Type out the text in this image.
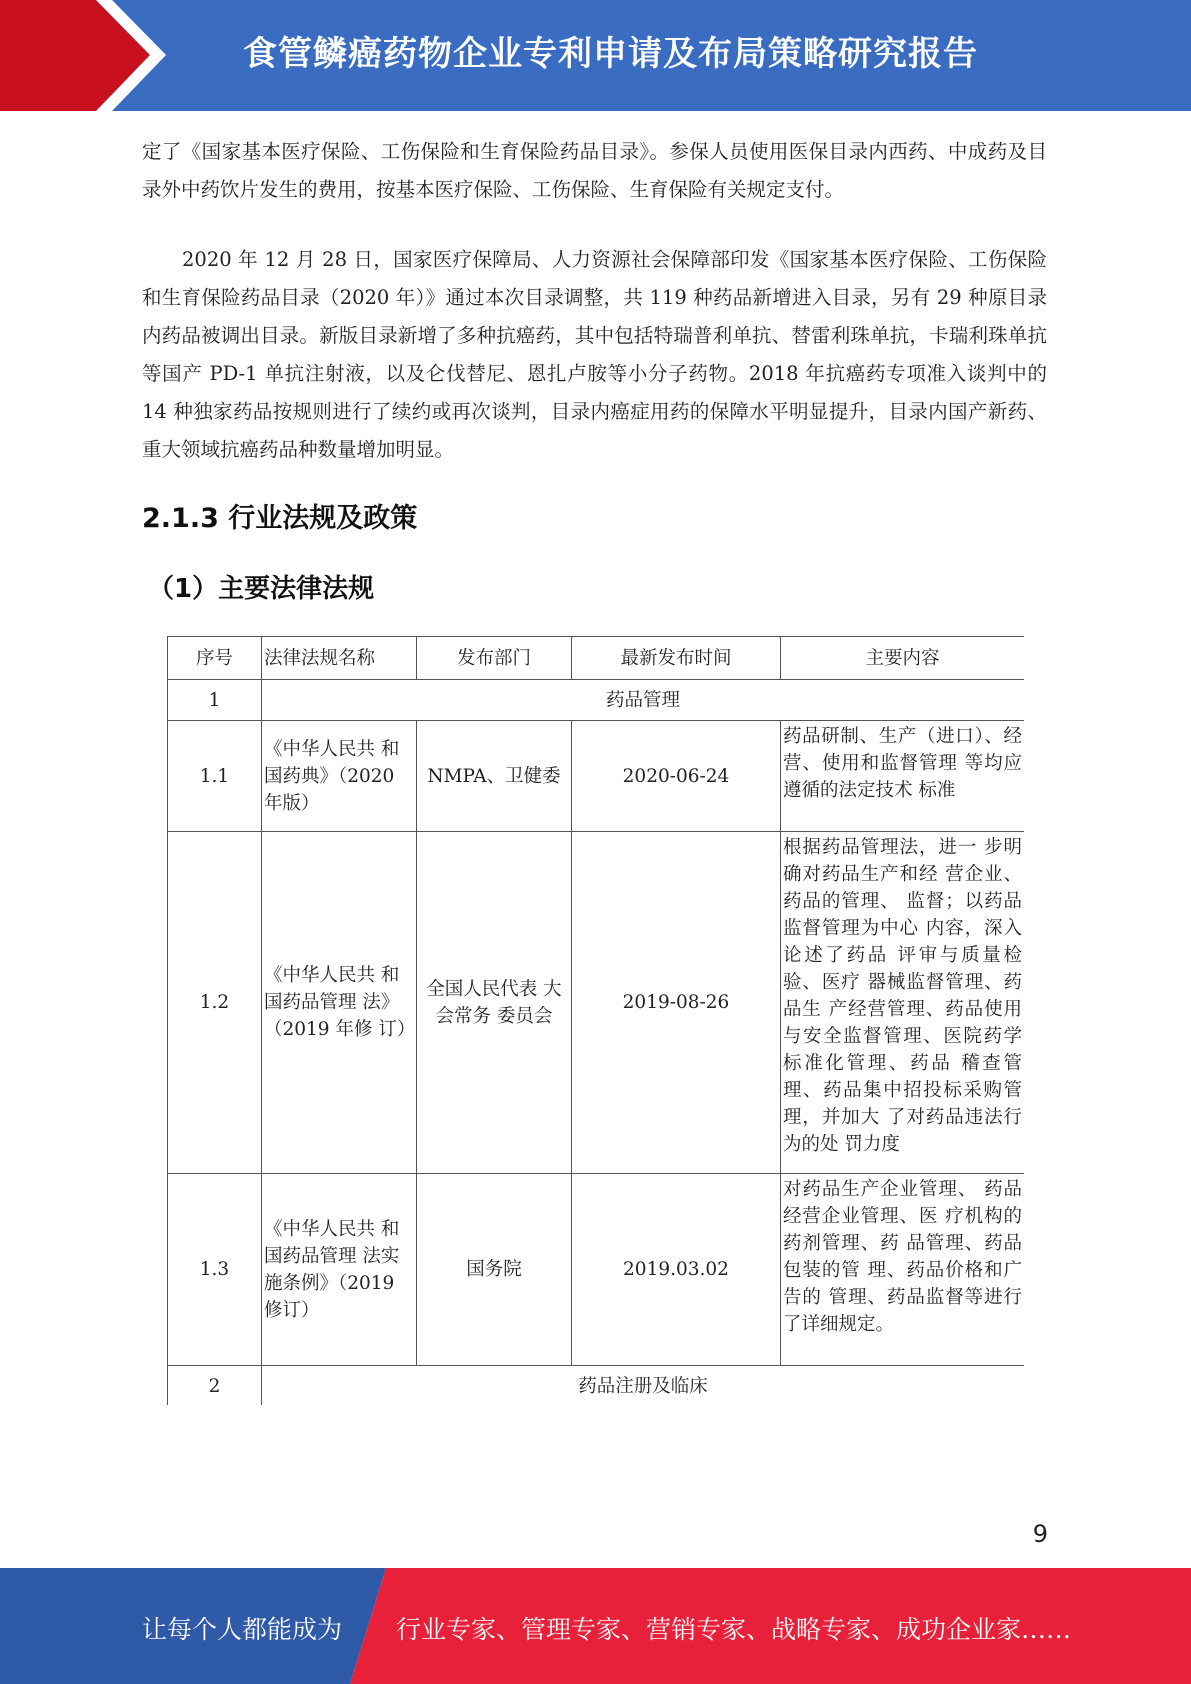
食管鳞癌药物企业专利申请及布局策略研究报告

定了《国家基本医疗保险、工伤保险和生育保险药品目录》。参保人员使用医保目录内西药、中成药及目录外中药饮片发生的费用，按基本医疗保险、工伤保险、生育保险有关规定支付。

2020 年 12 月 28 日，国家医疗保障局、人力资源社会保障部印发《国家基本医疗保险、工伤保险和生育保险药品目录（2020 年）》通过本次目录调整，共 119 种药品新增进入目录，另有 29 种原目录内药品被调出目录。新版目录新增了多种抗癌药，其中包括特瑞普利单抗、替雷利珠单抗，卡瑞利珠单抗等国产 PD-1 单抗注射液，以及仑伐替尼、恩扎卢胺等小分子药物。2018 年抗癌药专项准入谈判中的 14 种独家药品按规则进行了续约或再次谈判，目录内癌症用药的保障水平明显提升，目录内国产新药、重大领域抗癌药品种数量增加明显。

2.1.3 行业法规及政策
（1）主要法律法规
序号	法律法规名称	发布部门	最新发布时间	主要内容
1	药品管理			
1.1	《中华人民共 和国药典》（2020 年版）	NMPA、卫健委	2020-06-24	药品研制、生产（进口）、经营、使用和监督管理 等均应遵循的法定技术 标准
1.2	《中华人民共 和国药品管理 法》（2019 年修 订）	全国人民代表 大会常务 委员会	2019-08-26	根据药品管理法，进一 步明确对药品生产和经 营企业、药品的管理、 监督；以药品监督管理为中心 内容，深入论述了药品 评审与质量检验、医疗 器械监督管理、药品生 产经营管理、药品使用 与安全监督管理、医院药学标准化管理、药品 稽查管理、药品集中招投标采购管理，并加大 了对药品违法行为的处 罚力度
1.3	《中华人民共 和国药品管理 法实施条例》（2019 修订）	国务院	2019.03.02	对药品生产企业管理、 药品经营企业管理、医 疗机构的药剂管理、药 品管理、药品包装的管 理、药品价格和广告的 管理、药品监督等进行 了详细规定。
2	药品注册及临床			
9
让每个人都能成为 行业专家、管理专家、营销专家、战略专家、成功企业家……
